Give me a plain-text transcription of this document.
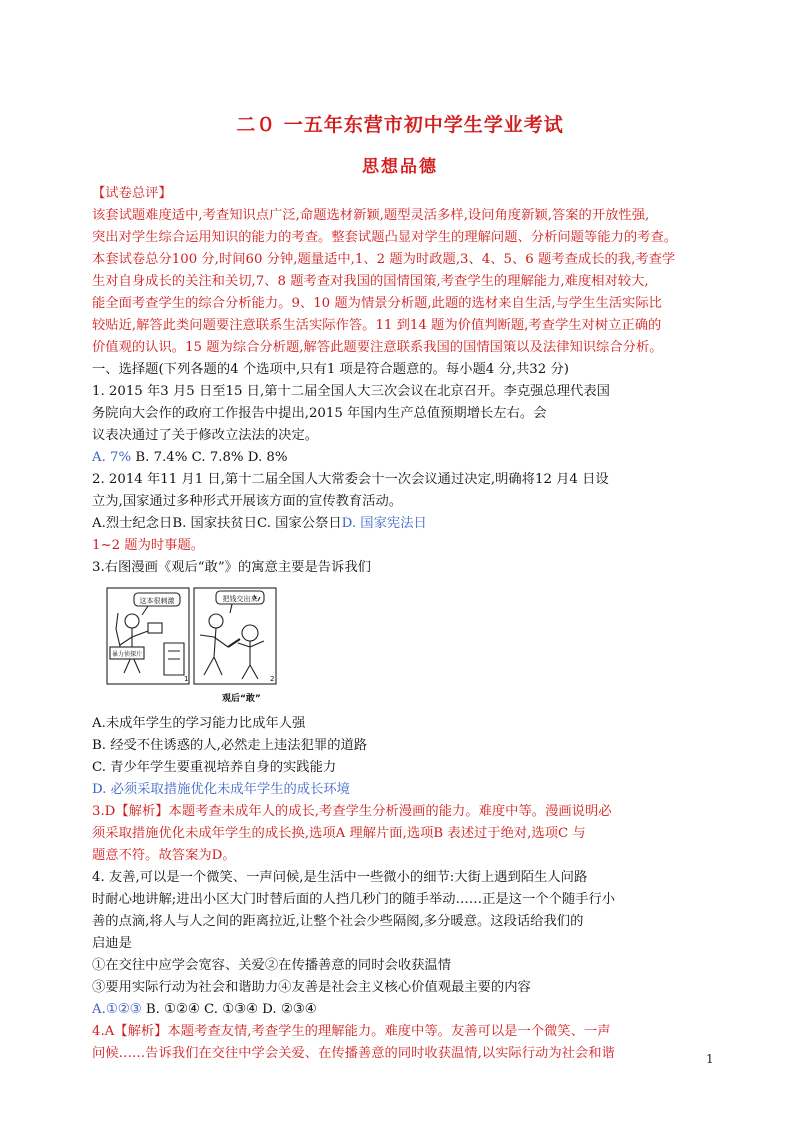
二０ 一五年东营市初中学生学业考试
思想品德
【试卷总评】
该套试题难度适中,考查知识点广泛,命题选材新颖,题型灵活多样,设问角度新颖,答案的开放性强,
突出对学生综合运用知识的能力的考查。整套试题凸显对学生的理解问题、分析问题等能力的考查。
本套试卷总分100 分,时间60 分钟,题量适中,1、2 题为时政题,3、4、5、6 题考查成长的我,考查学
生对自身成长的关注和关切,7、8 题考查对我国的国情国策,考查学生的理解能力,难度相对较大,
能全面考查学生的综合分析能力。9、10 题为情景分析题,此题的选材来自生活,与学生生活实际比
较贴近,解答此类问题要注意联系生活实际作答。11 到14 题为价值判断题,考查学生对树立正确的
价值观的认识。15 题为综合分析题,解答此题要注意联系我国的国情国策以及法律知识综合分析。
一、选择题(下列各题的4 个选项中,只有1 项是符合题意的。每小题4 分,共32 分)
1. 2015 年3 月5 日至15 日,第十二届全国人大三次会议在北京召开。李克强总理代表国
务院向大会作的政府工作报告中提出,2015 年国内生产总值预期增长左右。会
议表决通过了关于修改立法法的决定。
A. 7% B. 7.4% C. 7.8% D. 8%
2. 2014 年11 月1 日,第十二届全国人大常委会十一次会议通过决定,明确将12 月4 日设
立为,国家通过多种形式开展该方面的宣传教育活动。
A.烈士纪念日B. 国家扶贫日C. 国家公祭日D. 国家宪法日
1~2 题为时事题。
3.右图漫画《观后“敢”》的寓意主要是告诉我们
这本很刺激	把钱交出来
暴力侦探片
1	2
观后“敢”
A.未成年学生的学习能力比成年人强
B. 经受不住诱惑的人,必然走上违法犯罪的道路
C. 青少年学生要重视培养自身的实践能力
D. 必须采取措施优化未成年学生的成长环境
3.D【解析】本题考查未成年人的成长,考查学生分析漫画的能力。难度中等。漫画说明必
须采取措施优化未成年学生的成长换,选项A 理解片面,选项B 表述过于绝对,选项C 与
题意不符。故答案为D。
4. 友善,可以是一个微笑、一声问候,是生活中一些微小的细节:大街上遇到陌生人问路
时耐心地讲解;进出小区大门时替后面的人挡几秒门的随手举动……正是这一个个随手行小
善的点滴,将人与人之间的距离拉近,让整个社会少些隔阂,多分暖意。这段话给我们的
启迪是
①在交往中应学会宽容、关爱②在传播善意的同时会收获温情
③要用实际行动为社会和谐助力④友善是社会主义核心价值观最主要的内容
A.①②③ B. ①②④ C. ①③④ D. ②③④
4.A【解析】本题考查友情,考查学生的理解能力。难度中等。友善可以是一个微笑、一声
问候……告诉我们在交往中学会关爱、在传播善意的同时收获温情,以实际行动为社会和谐	1
